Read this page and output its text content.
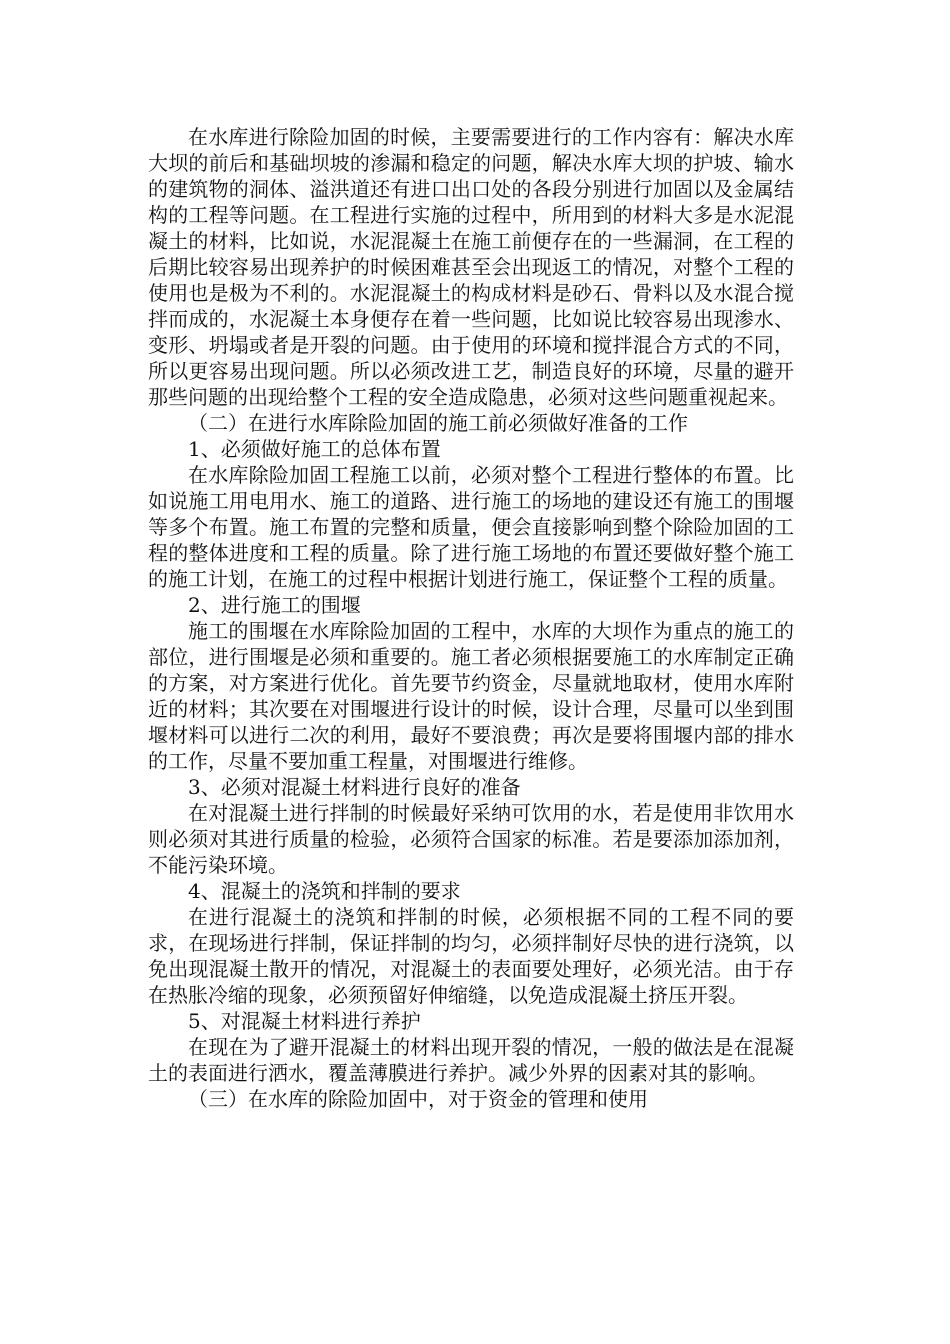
在水库进行除险加固的时候，主要需要进行的工作内容有：解决水库大坝的前后和基础坝坡的渗漏和稳定的问题，解决水库大坝的护坡、输水的建筑物的洞体、溢洪道还有进口出口处的各段分别进行加固以及金属结构的工程等问题。在工程进行实施的过程中，所用到的材料大多是水泥混凝土的材料，比如说，水泥混凝土在施工前便存在的一些漏洞，在工程的后期比较容易出现养护的时候困难甚至会出现返工的情况，对整个工程的使用也是极为不利的。水泥混凝土的构成材料是砂石、骨料以及水混合搅拌而成的，水泥凝土本身便存在着一些问题，比如说比较容易出现渗水、变形、坍塌或者是开裂的问题。由于使用的环境和搅拌混合方式的不同，所以更容易出现问题。所以必须改进工艺，制造良好的环境，尽量的避开那些问题的出现给整个工程的安全造成隐患，必须对这些问题重视起来。

（二）在进行水库除险加固的施工前必须做好准备的工作

1、必须做好施工的总体布置

在水库除险加固工程施工以前，必须对整个工程进行整体的布置。比如说施工用电用水、施工的道路、进行施工的场地的建设还有施工的围堰等多个布置。施工布置的完整和质量，便会直接影响到整个除险加固的工程的整体进度和工程的质量。除了进行施工场地的布置还要做好整个施工的施工计划，在施工的过程中根据计划进行施工，保证整个工程的质量。

2、进行施工的围堰

施工的围堰在水库除险加固的工程中，水库的大坝作为重点的施工的部位，进行围堰是必须和重要的。施工者必须根据要施工的水库制定正确的方案，对方案进行优化。首先要节约资金，尽量就地取材，使用水库附近的材料；其次要在对围堰进行设计的时候，设计合理，尽量可以坐到围堰材料可以进行二次的利用，最好不要浪费；再次是要将围堰内部的排水的工作，尽量不要加重工程量，对围堰进行维修。

3、必须对混凝土材料进行良好的准备

在对混凝土进行拌制的时候最好采纳可饮用的水，若是使用非饮用水则必须对其进行质量的检验，必须符合国家的标准。若是要添加添加剂，不能污染环境。

4、混凝土的浇筑和拌制的要求

在进行混凝土的浇筑和拌制的时候，必须根据不同的工程不同的要求，在现场进行拌制，保证拌制的均匀，必须拌制好尽快的进行浇筑，以免出现混凝土散开的情况，对混凝土的表面要处理好，必须光洁。由于存在热胀冷缩的现象，必须预留好伸缩缝，以免造成混凝土挤压开裂。

5、对混凝土材料进行养护

在现在为了避开混凝土的材料出现开裂的情况，一般的做法是在混凝土的表面进行洒水，覆盖薄膜进行养护。减少外界的因素对其的影响。

（三）在水库的除险加固中，对于资金的管理和使用
